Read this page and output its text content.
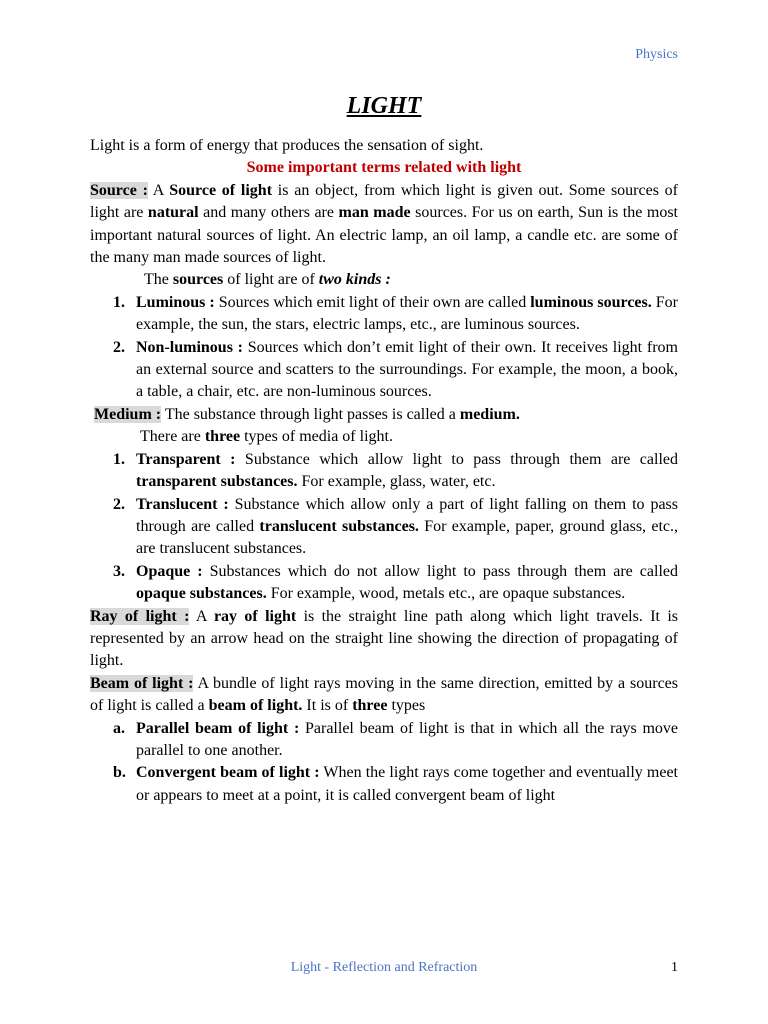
Physics
LIGHT

Light is a form of energy that produces the sensation of sight.

Some important terms related with light

Source : A Source of light is an object, from which light is given out. Some sources of light are natural and many others are man made sources. For us on earth, Sun is the most important natural sources of light. An electric lamp, an oil lamp, a candle etc. are some of the many man made sources of light.

The sources of light are of two kinds :

1. Luminous : Sources which emit light of their own are called luminous sources. For example, the sun, the stars, electric lamps, etc., are luminous sources.
2. Non-luminous : Sources which don’t emit light of their own. It receives light from an external source and scatters to the surroundings. For example, the moon, a book, a table, a chair, etc. are non-luminous sources.

Medium : The substance through light passes is called a medium.

There are three types of media of light.

1. Transparent : Substance which allow light to pass through them are called transparent substances. For example, glass, water, etc.
2. Translucent : Substance which allow only a part of light falling on them to pass through are called translucent substances. For example, paper, ground glass, etc., are translucent substances.
3. Opaque : Substances which do not allow light to pass through them are called opaque substances. For example, wood, metals etc., are opaque substances.

Ray of light : A ray of light is the straight line path along which light travels. It is represented by an arrow head on the straight line showing the direction of propagating of light.

Beam of light : A bundle of light rays moving in the same direction, emitted by a sources of light is called a beam of light. It is of three types

a. Parallel beam of light : Parallel beam of light is that in which all the rays move parallel to one another.
b. Convergent beam of light : When the light rays come together and eventually meet or appears to meet at a point, it is called convergent beam of light
Light - Reflection and Refraction	1
